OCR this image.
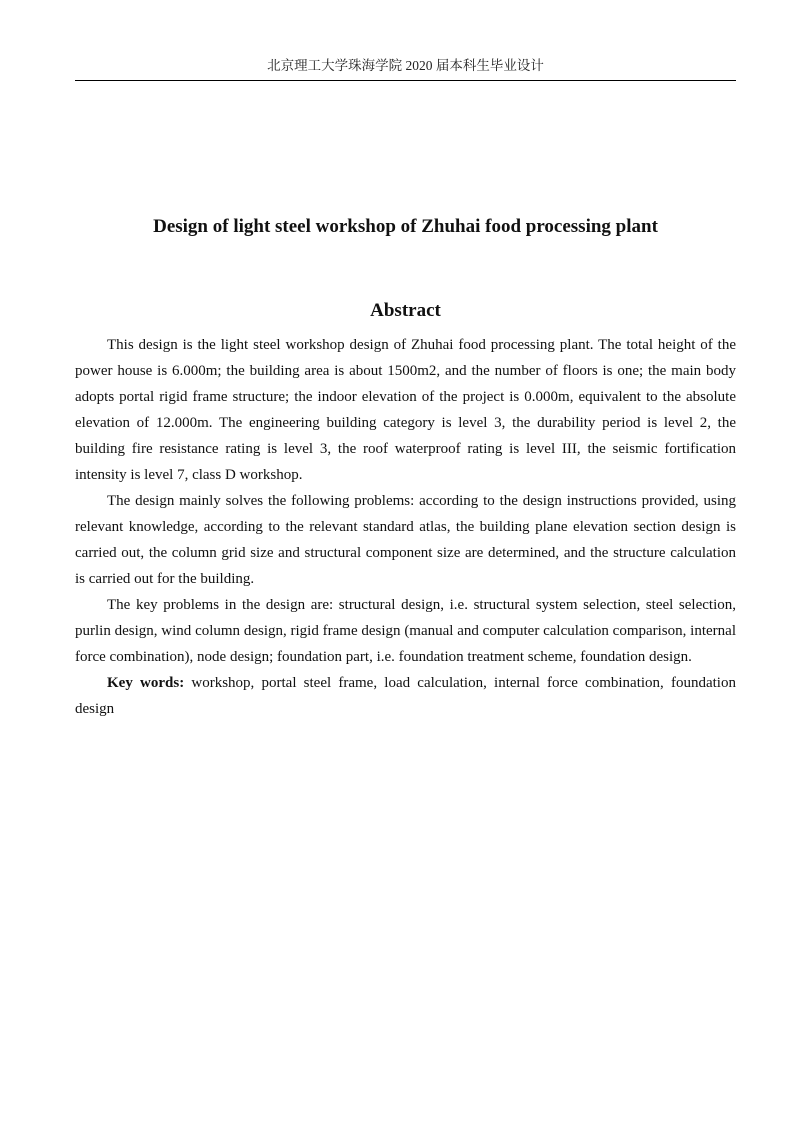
北京理工大学珠海学院 2020 届本科生毕业设计
Design of light steel workshop of Zhuhai food processing plant
Abstract

This design is the light steel workshop design of Zhuhai food processing plant. The total height of the power house is 6.000m; the building area is about 1500m2, and the number of floors is one; the main body adopts portal rigid frame structure; the indoor elevation of the project is 0.000m, equivalent to the absolute elevation of 12.000m. The engineering building category is level 3, the durability period is level 2, the building fire resistance rating is level 3, the roof waterproof rating is level III, the seismic fortification intensity is level 7, class D workshop.

The design mainly solves the following problems: according to the design instructions provided, using relevant knowledge, according to the relevant standard atlas, the building plane elevation section design is carried out, the column grid size and structural component size are determined, and the structure calculation is carried out for the building.

The key problems in the design are: structural design, i.e. structural system selection, steel selection, purlin design, wind column design, rigid frame design (manual and computer calculation comparison, internal force combination), node design; foundation part, i.e. foundation treatment scheme, foundation design.

Key words: workshop, portal steel frame, load calculation, internal force combination, foundation design
